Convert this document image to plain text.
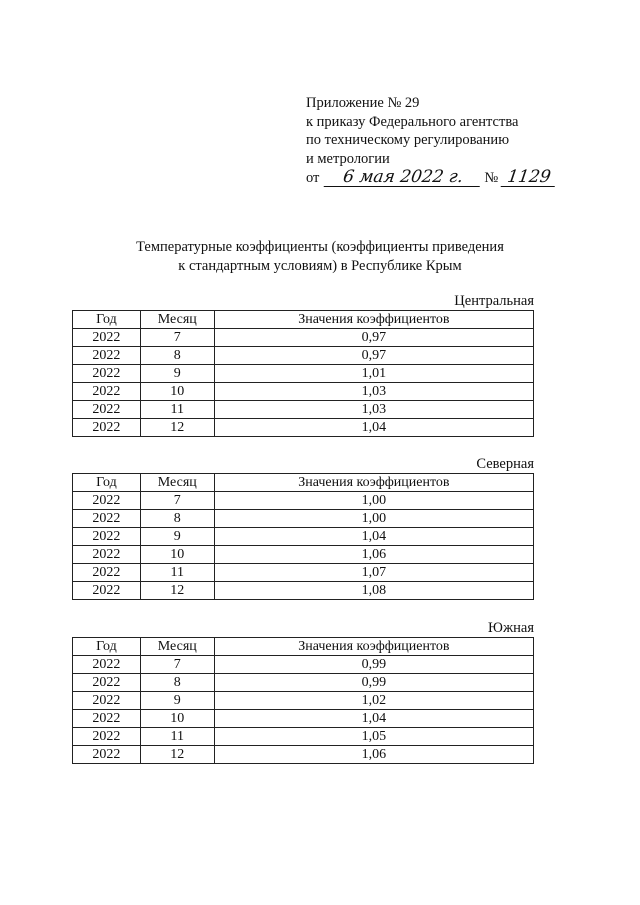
Приложение № 29
к приказу Федерального агентства
по техническому регулированию
и метрологии
от	6 мая 2022 г.	№ 1129
Температурные коэффициенты (коэффициенты приведения
к стандартным условиям) в Республике Крым
Центральная
Год	Месяц	Значения коэффициентов
2022	7	0,97
2022	8	0,97
2022	9	1,01
2022	10	1,03
2022	11	1,03
2022	12	1,04
Северная
Год	Месяц	Значения коэффициентов
2022	7	1,00
2022	8	1,00
2022	9	1,04
2022	10	1,06
2022	11	1,07
2022	12	1,08
Южная
Год	Месяц	Значения коэффициентов
2022	7	0,99
2022	8	0,99
2022	9	1,02
2022	10	1,04
2022	11	1,05
2022	12	1,06
